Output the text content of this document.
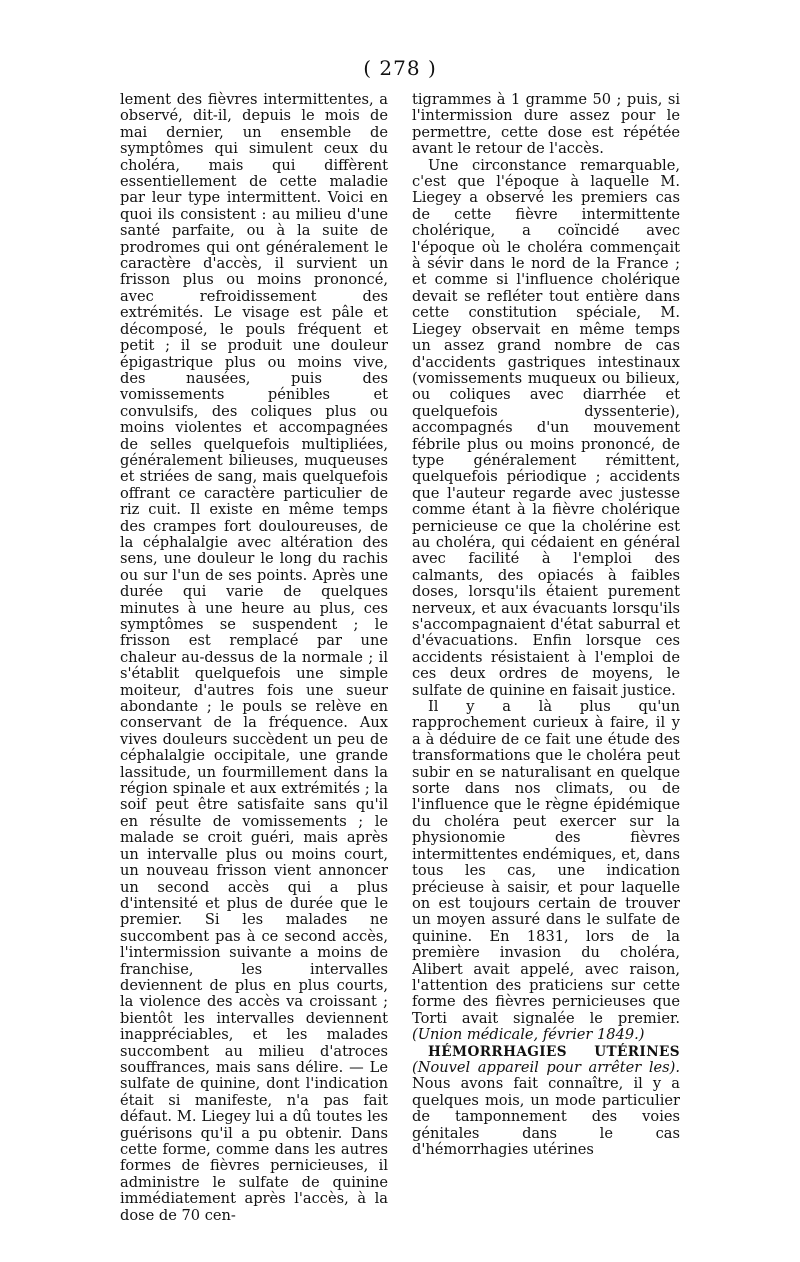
( 278 )

lement des fièvres intermittentes, a observé, dit-il, depuis le mois de mai dernier, un ensemble de symptômes qui simulent ceux du choléra, mais qui diffèrent essentiellement de cette maladie par leur type intermittent. Voici en quoi ils consistent : au milieu d'une santé parfaite, ou à la suite de prodromes qui ont généralement le caractère d'accès, il survient un frisson plus ou moins prononcé, avec refroidissement des extrémités. Le visage est pâle et décomposé, le pouls fréquent et petit ; il se produit une douleur épigastrique plus ou moins vive, des nausées, puis des vomissements pénibles et convulsifs, des coliques plus ou moins violentes et accompagnées de selles quelquefois multipliées, généralement bilieuses, muqueuses et striées de sang, mais quelquefois offrant ce caractère particulier de riz cuit. Il existe en même temps des crampes fort douloureuses, de la céphalalgie avec altération des sens, une douleur le long du rachis ou sur l'un de ses points. Après une durée qui varie de quelques minutes à une heure au plus, ces symptômes se suspendent ; le frisson est remplacé par une chaleur au-dessus de la normale ; il s'établit quelquefois une simple moiteur, d'autres fois une sueur abondante ; le pouls se relève en conservant de la fréquence. Aux vives douleurs succèdent un peu de céphalalgie occipitale, une grande lassitude, un fourmillement dans la région spinale et aux extrémités ; la soif peut être satisfaite sans qu'il en résulte de vomissements ; le malade se croit guéri, mais après un intervalle plus ou moins court, un nouveau frisson vient annoncer un second accès qui a plus d'intensité et plus de durée que le premier. Si les malades ne succombent pas à ce second accès, l'intermission suivante a moins de franchise, les intervalles deviennent de plus en plus courts, la violence des accès va croissant ; bientôt les intervalles deviennent inappréciables, et les malades succombent au milieu d'atroces souffrances, mais sans délire. — Le sulfate de quinine, dont l'indication était si manifeste, n'a pas fait défaut. M. Liegey lui a dû toutes les guérisons qu'il a pu obtenir. Dans cette forme, comme dans les autres formes de fièvres pernicieuses, il administre le sulfate de quinine immédiatement après l'accès, à la dose de 70 cen-

tigrammes à 1 gramme 50 ; puis, si l'intermission dure assez pour le permettre, cette dose est répétée avant le retour de l'accès.

Une circonstance remarquable, c'est que l'époque à laquelle M. Liegey a observé les premiers cas de cette fièvre intermittente cholérique, a coïncidé avec l'époque où le choléra commençait à sévir dans le nord de la France ; et comme si l'influence cholérique devait se refléter tout entière dans cette constitution spéciale, M. Liegey observait en même temps un assez grand nombre de cas d'accidents gastriques intestinaux (vomissements muqueux ou bilieux, ou coliques avec diarrhée et quelquefois dyssenterie), accompagnés d'un mouvement fébrile plus ou moins prononcé, de type généralement rémittent, quelquefois périodique ; accidents que l'auteur regarde avec justesse comme étant à la fièvre cholérique pernicieuse ce que la cholérine est au choléra, qui cédaient en général avec facilité à l'emploi des calmants, des opiacés à faibles doses, lorsqu'ils étaient purement nerveux, et aux évacuants lorsqu'ils s'accompagnaient d'état saburral et d'évacuations. Enfin lorsque ces accidents résistaient à l'emploi de ces deux ordres de moyens, le sulfate de quinine en faisait justice.

Il y a là plus qu'un rapprochement curieux à faire, il y a à déduire de ce fait une étude des transformations que le choléra peut subir en se naturalisant en quelque sorte dans nos climats, ou de l'influence que le règne épidémique du choléra peut exercer sur la physionomie des fièvres intermittentes endémiques, et, dans tous les cas, une indication précieuse à saisir, et pour laquelle on est toujours certain de trouver un moyen assuré dans le sulfate de quinine. En 1831, lors de la première invasion du choléra, Alibert avait appelé, avec raison, l'attention des praticiens sur cette forme des fièvres pernicieuses que Torti avait signalée le premier. (Union médicale, février 1849.)

HÉMORRHAGIES UTÉRINES (Nouvel appareil pour arrêter les). Nous avons fait connaître, il y a quelques mois, un mode particulier de tamponnement des voies génitales dans le cas d'hémorrhagies utérines
